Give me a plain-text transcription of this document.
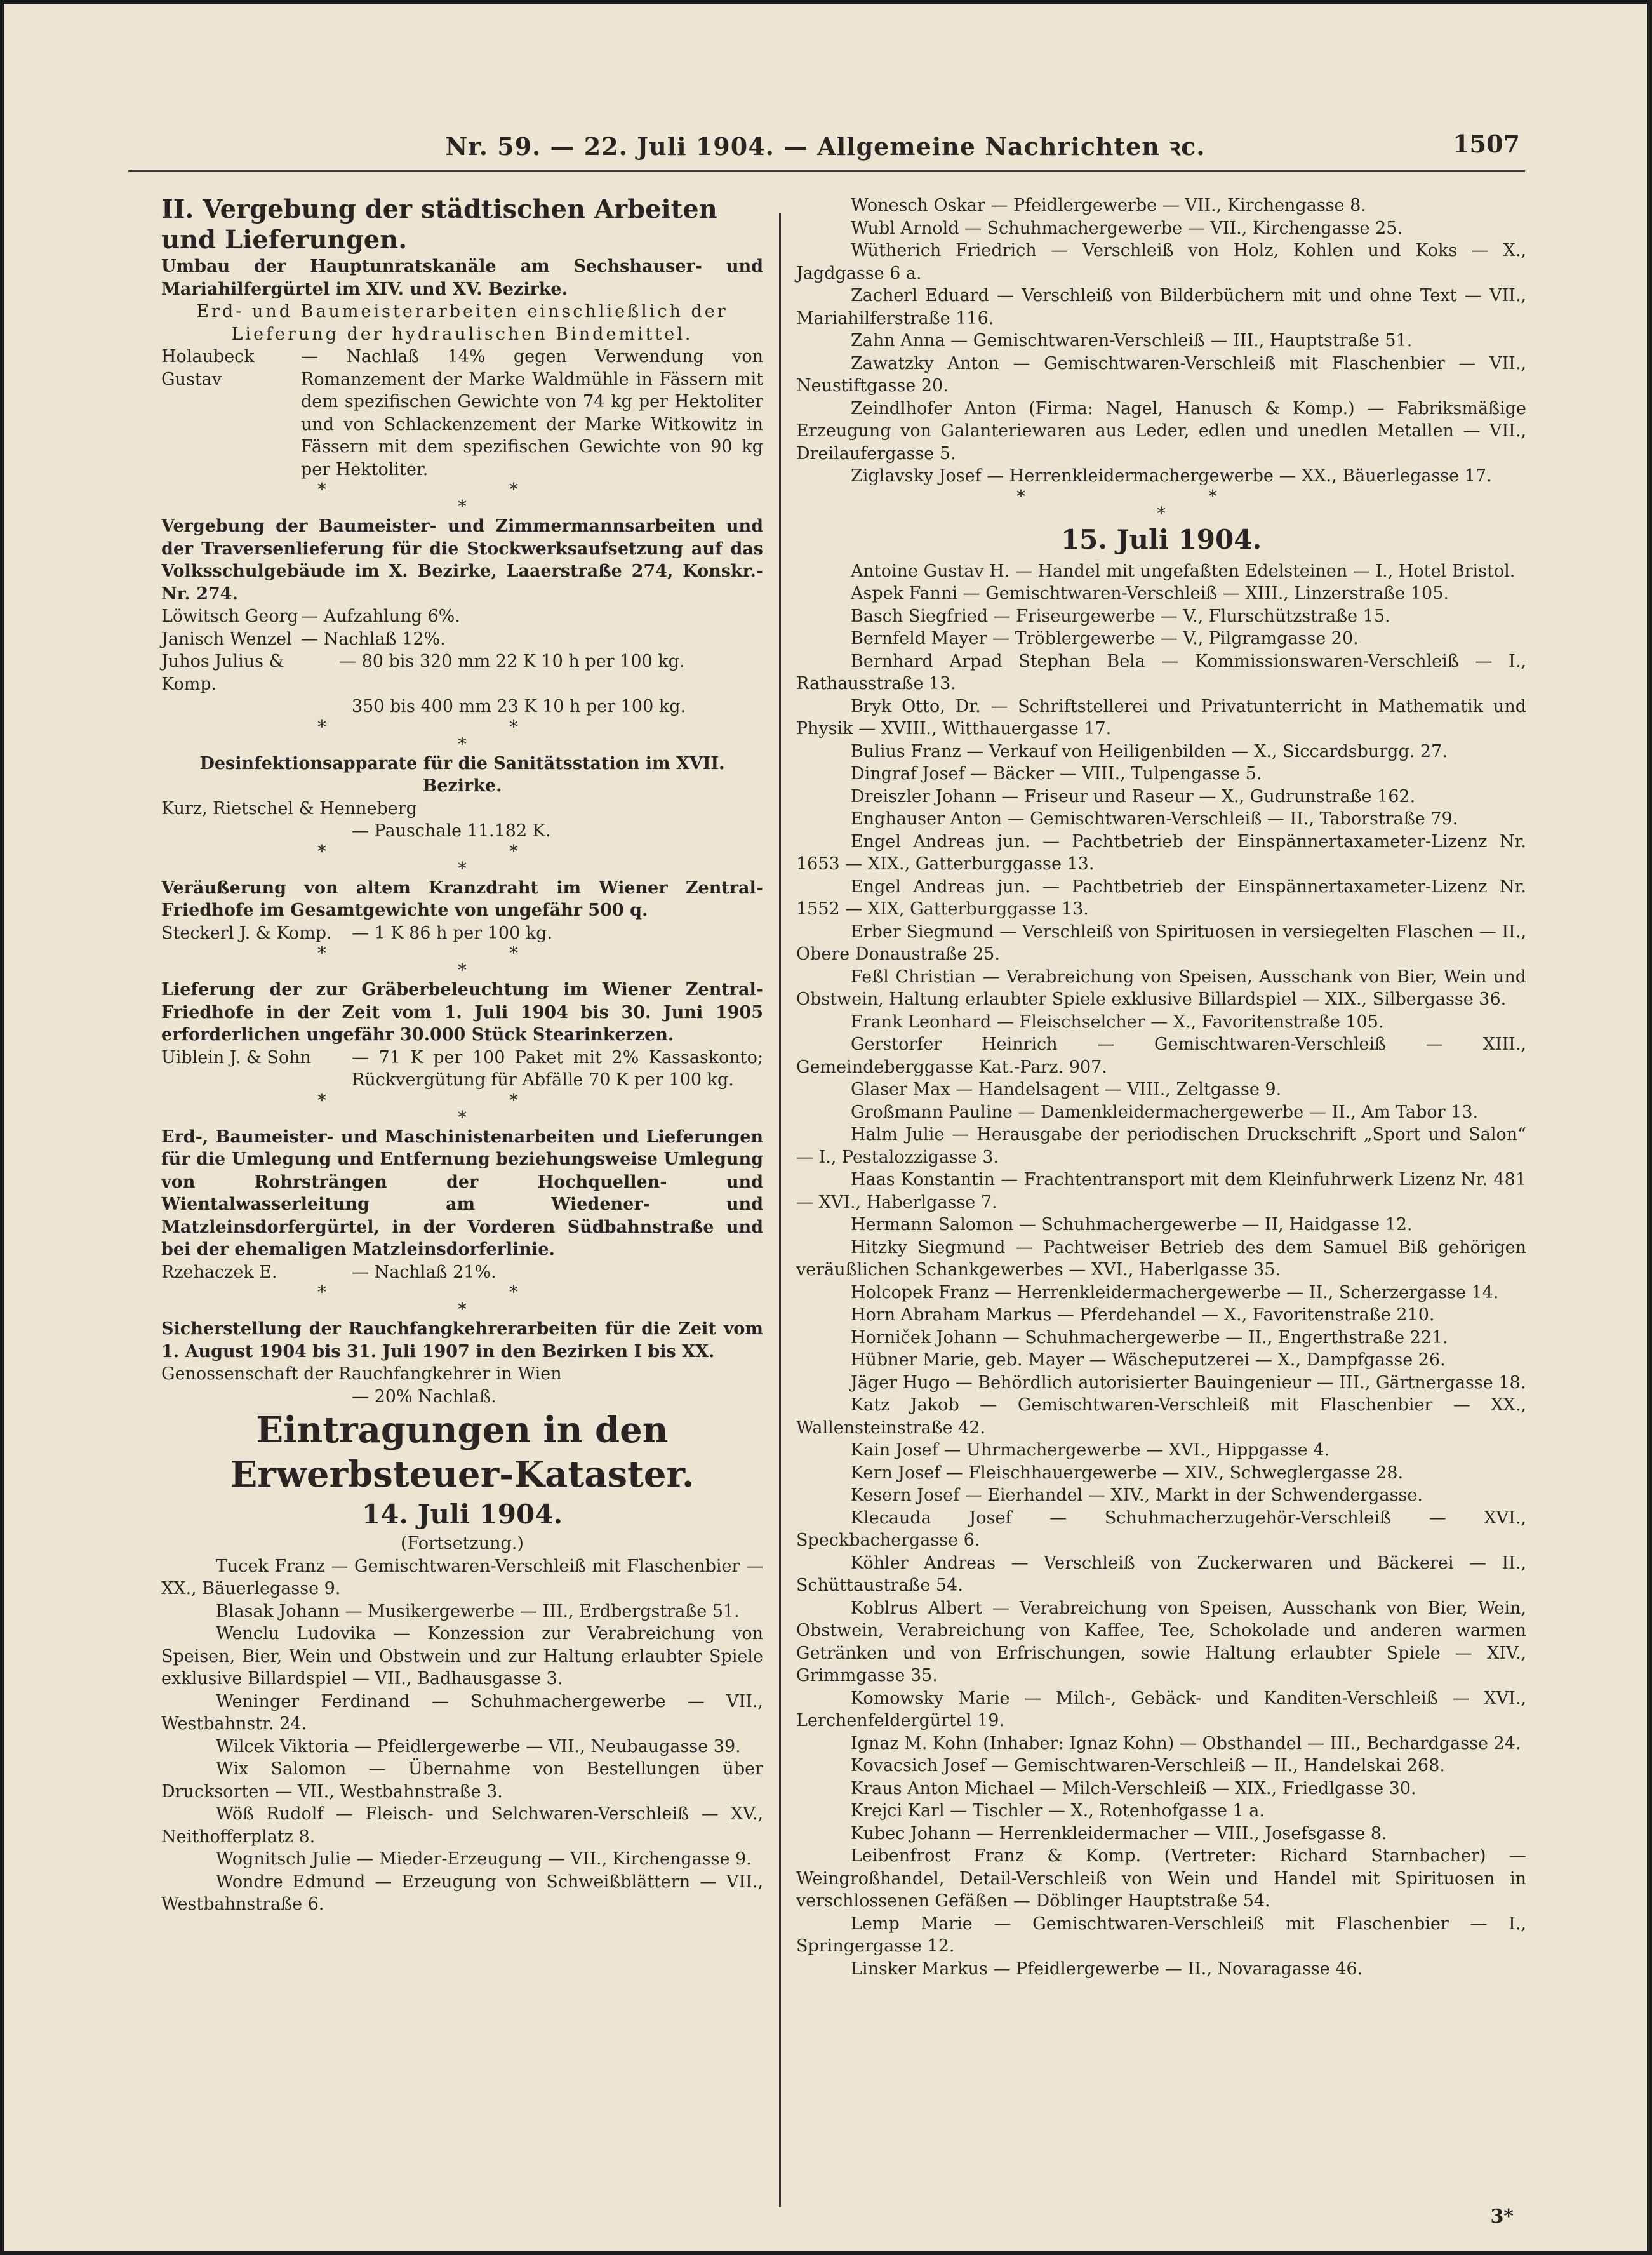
Nr. 59. — 22. Juli 1904. — Allgemeine Nachrichten ꝛc.	1507

II. Vergebung der städtischen Arbeiten und Lieferungen.

Umbau der Hauptunratskanäle am Sechshauser- und Mariahilfergürtel im XIV. und XV. Bezirke.

Erd- und Baumeisterarbeiten einschließlich der Lieferung der hydraulischen Bindemittel.

Holaubeck Gustav
— Nachlaß 14% gegen Verwendung von Romanzement der Marke Waldmühle in Fässern mit dem spezifischen Gewichte von 74 kg per Hektoliter und von Schlackenzement der Marke Witkowitz in Fässern mit dem spezifischen Gewichte von 90 kg per Hektoliter.

* *

*

Vergebung der Baumeister- und Zimmermannsarbeiten und der Traversenlieferung für die Stockwerksaufsetzung auf das Volksschulgebäude im X. Bezirke, Laaerstraße 274, Konskr.-Nr. 274.

Löwitsch Georg — Aufzahlung 6%.
Janisch Wenzel — Nachlaß 12%.
Juhos Julius & Komp.
— 80 bis 320 mm 22 K 10 h per 100 kg.

350 bis 400 mm 23 K 10 h per 100 kg.

* *

*

Desinfektionsapparate für die Sanitätsstation im XVII. Bezirke.

Kurz, Rietschel & Henneberg

— Pauschale 11.182 K.

* *

*

Veräußerung von altem Kranzdraht im Wiener Zentral-Friedhofe im Gesamtgewichte von ungefähr 500 q.

Steckerl J. & Komp.	— 1 K 86 h per 100 kg.

* *

*

Lieferung der zur Gräberbeleuchtung im Wiener Zentral-Friedhofe in der Zeit vom 1. Juli 1904 bis 30. Juni 1905 erforderlichen ungefähr 30.000 Stück Stearinkerzen.

Uiblein J. & Sohn	— 71 K per 100 Paket mit 2% Kassaskonto; Rückvergütung für Abfälle 70 K per 100 kg.

* *

*

Erd-, Baumeister- und Maschinistenarbeiten und Lieferungen für die Umlegung und Entfernung beziehungsweise Umlegung von Rohrsträngen der Hochquellen- und Wientalwasserleitung am Wiedener- und Matzleinsdorfergürtel, in der Vorderen Südbahnstraße und bei der ehemaligen Matzleinsdorferlinie.

Rzehaczek E.	— Nachlaß 21%.

* *

*

Sicherstellung der Rauchfangkehrerarbeiten für die Zeit vom 1. August 1904 bis 31. Juli 1907 in den Bezirken I bis XX.

Genossenschaft der Rauchfangkehrer in Wien

— 20% Nachlaß.

Eintragungen in den Erwerbsteuer-Kataster.

14. Juli 1904.

(Fortsetzung.)

Tucek Franz — Gemischtwaren-Verschleiß mit Flaschenbier — XX., Bäuerlegasse 9.

Blasak Johann — Musikergewerbe — III., Erdbergstraße 51.

Wenclu Ludovika — Konzession zur Verabreichung von Speisen, Bier, Wein und Obstwein und zur Haltung erlaubter Spiele exklusive Billardspiel — VII., Badhausgasse 3.

Weninger Ferdinand — Schuhmachergewerbe — VII., Westbahnstr. 24.

Wilcek Viktoria — Pfeidlergewerbe — VII., Neubaugasse 39.

Wix Salomon — Übernahme von Bestellungen über Drucksorten — VII., Westbahnstraße 3.

Wöß Rudolf — Fleisch- und Selchwaren-Verschleiß — XV., Neithofferplatz 8.

Wognitsch Julie — Mieder-Erzeugung — VII., Kirchengasse 9.

Wondre Edmund — Erzeugung von Schweißblättern — VII., Westbahnstraße 6.

Wonesch Oskar — Pfeidlergewerbe — VII., Kirchengasse 8.

Wubl Arnold — Schuhmachergewerbe — VII., Kirchengasse 25.

Wütherich Friedrich — Verschleiß von Holz, Kohlen und Koks — X., Jagdgasse 6 a.

Zacherl Eduard — Verschleiß von Bilderbüchern mit und ohne Text — VII., Mariahilferstraße 116.

Zahn Anna — Gemischtwaren-Verschleiß — III., Hauptstraße 51.

Zawatzky Anton — Gemischtwaren-Verschleiß mit Flaschenbier — VII., Neustiftgasse 20.

Zeindlhofer Anton (Firma: Nagel, Hanusch & Komp.) — Fabriksmäßige Erzeugung von Galanteriewaren aus Leder, edlen und unedlen Metallen — VII., Dreilaufergasse 5.

Ziglavsky Josef — Herrenkleidermachergewerbe — XX., Bäuerlegasse 17.

* *

*

15. Juli 1904.

Antoine Gustav H. — Handel mit ungefaßten Edelsteinen — I., Hotel Bristol.

Aspek Fanni — Gemischtwaren-Verschleiß — XIII., Linzerstraße 105.

Basch Siegfried — Friseurgewerbe — V., Flurschützstraße 15.

Bernfeld Mayer — Tröblergewerbe — V., Pilgramgasse 20.

Bernhard Arpad Stephan Bela — Kommissionswaren-Verschleiß — I., Rathausstraße 13.

Bryk Otto, Dr. — Schriftstellerei und Privatunterricht in Mathematik und Physik — XVIII., Witthauergasse 17.

Bulius Franz — Verkauf von Heiligenbilden — X., Siccardsburgg. 27.

Dingraf Josef — Bäcker — VIII., Tulpengasse 5.

Dreiszler Johann — Friseur und Raseur — X., Gudrunstraße 162.

Enghauser Anton — Gemischtwaren-Verschleiß — II., Taborstraße 79.

Engel Andreas jun. — Pachtbetrieb der Einspännertaxameter-Lizenz Nr. 1653 — XIX., Gatterburggasse 13.

Engel Andreas jun. — Pachtbetrieb der Einspännertaxameter-Lizenz Nr. 1552 — XIX, Gatterburggasse 13.

Erber Siegmund — Verschleiß von Spirituosen in versiegelten Flaschen — II., Obere Donaustraße 25.

Feßl Christian — Verabreichung von Speisen, Ausschank von Bier, Wein und Obstwein, Haltung erlaubter Spiele exklusive Billardspiel — XIX., Silbergasse 36.

Frank Leonhard — Fleischselcher — X., Favoritenstraße 105.

Gerstorfer Heinrich — Gemischtwaren-Verschleiß — XIII., Gemeindeberggasse Kat.-Parz. 907.

Glaser Max — Handelsagent — VIII., Zeltgasse 9.

Großmann Pauline — Damenkleidermachergewerbe — II., Am Tabor 13.

Halm Julie — Herausgabe der periodischen Druckschrift „Sport und Salon“ — I., Pestalozzigasse 3.

Haas Konstantin — Frachtentransport mit dem Kleinfuhrwerk Lizenz Nr. 481 — XVI., Haberlgasse 7.

Hermann Salomon — Schuhmachergewerbe — II, Haidgasse 12.

Hitzky Siegmund — Pachtweiser Betrieb des dem Samuel Biß gehörigen veräußlichen Schankgewerbes — XVI., Haberlgasse 35.

Holcopek Franz — Herrenkleidermachergewerbe — II., Scherzergasse 14.

Horn Abraham Markus — Pferdehandel — X., Favoritenstraße 210.

Horniček Johann — Schuhmachergewerbe — II., Engerthstraße 221.

Hübner Marie, geb. Mayer — Wäscheputzerei — X., Dampfgasse 26.

Jäger Hugo — Behördlich autorisierter Bauingenieur — III., Gärtnergasse 18.

Katz Jakob — Gemischtwaren-Verschleiß mit Flaschenbier — XX., Wallensteinstraße 42.

Kain Josef — Uhrmachergewerbe — XVI., Hippgasse 4.

Kern Josef — Fleischhauergewerbe — XIV., Schweglergasse 28.

Kesern Josef — Eierhandel — XIV., Markt in der Schwendergasse.

Klecauda Josef — Schuhmacherzugehör-Verschleiß — XVI., Speckbachergasse 6.

Köhler Andreas — Verschleiß von Zuckerwaren und Bäckerei — II., Schüttaustraße 54.

Koblrus Albert — Verabreichung von Speisen, Ausschank von Bier, Wein, Obstwein, Verabreichung von Kaffee, Tee, Schokolade und anderen warmen Getränken und von Erfrischungen, sowie Haltung erlaubter Spiele — XIV., Grimmgasse 35.

Komowsky Marie — Milch-, Gebäck- und Kanditen-Verschleiß — XVI., Lerchenfeldergürtel 19.

Ignaz M. Kohn (Inhaber: Ignaz Kohn) — Obsthandel — III., Bechardgasse 24.

Kovacsich Josef — Gemischtwaren-Verschleiß — II., Handelskai 268.

Kraus Anton Michael — Milch-Verschleiß — XIX., Friedlgasse 30.

Krejci Karl — Tischler — X., Rotenhofgasse 1 a.

Kubec Johann — Herrenkleidermacher — VIII., Josefsgasse 8.

Leibenfrost Franz & Komp. (Vertreter: Richard Starnbacher) — Weingroßhandel, Detail-Verschleiß von Wein und Handel mit Spirituosen in verschlossenen Gefäßen — Döblinger Hauptstraße 54.

Lemp Marie — Gemischtwaren-Verschleiß mit Flaschenbier — I., Springergasse 12.

Linsker Markus — Pfeidlergewerbe — II., Novaragasse 46.

3*
